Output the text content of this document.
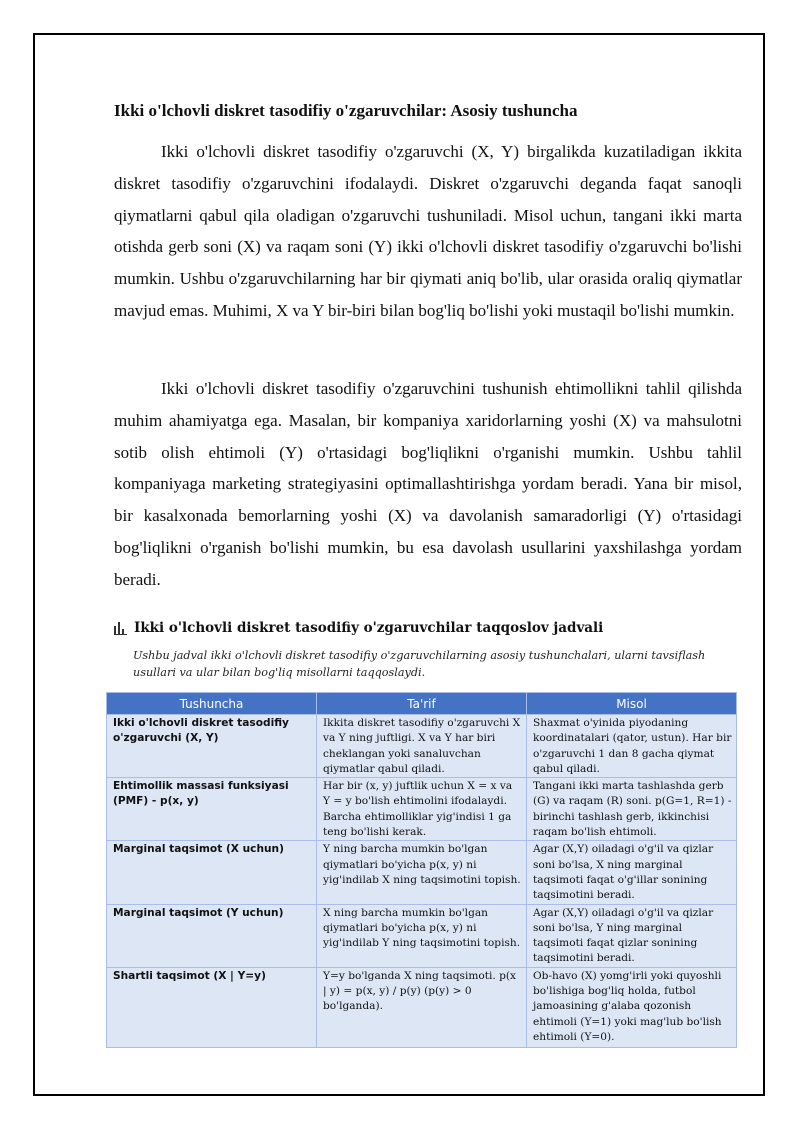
Ikki o'lchovli diskret tasodifiy o'zgaruvchilar: Asosiy tushuncha

Ikki o'lchovli diskret tasodifiy o'zgaruvchi (X, Y) birgalikda kuzatiladigan ikkita diskret tasodifiy o'zgaruvchini ifodalaydi. Diskret o'zgaruvchi deganda faqat sanoqli qiymatlarni qabul qila oladigan o'zgaruvchi tushuniladi. Misol uchun, tangani ikki marta otishda gerb soni (X) va raqam soni (Y) ikki o'lchovli diskret tasodifiy o'zgaruvchi bo'lishi mumkin. Ushbu o'zgaruvchilarning har bir qiymati aniq bo'lib, ular orasida oraliq qiymatlar mavjud emas. Muhimi, X va Y bir-biri bilan bog'liq bo'lishi yoki mustaqil bo'lishi mumkin.

Ikki o'lchovli diskret tasodifiy o'zgaruvchini tushunish ehtimollikni tahlil qilishda muhim ahamiyatga ega. Masalan, bir kompaniya xaridorlarning yoshi (X) va mahsulotni sotib olish ehtimoli (Y) o'rtasidagi bog'liqlikni o'rganishi mumkin. Ushbu tahlil kompaniyaga marketing strategiyasini optimallashtirishga yordam beradi. Yana bir misol, bir kasalxonada bemorlarning yoshi (X) va davolanish samaradorligi (Y) o'rtasidagi bog'liqlikni o'rganish bo'lishi mumkin, bu esa davolash usullarini yaxshilashga yordam beradi.

Ikki o'lchovli diskret tasodifiy o'zgaruvchilar taqqoslov jadvali

Ushbu jadval ikki o'lchovli diskret tasodifiy o'zgaruvchilarning asosiy tushunchalari, ularni tavsiflash usullari va ular bilan bog'liq misollarni taqqoslaydi.

Tushuncha	Ta'rif	Misol
Ikki o'lchovli diskret tasodifiy o'zgaruvchi (X, Y)	Ikkita diskret tasodifiy o'zgaruvchi X va Y ning juftligi. X va Y har biri cheklangan yoki sanaluvchan qiymatlar qabul qiladi.	Shaxmat o'yinida piyodaning koordinatalari (qator, ustun). Har bir o'zgaruvchi 1 dan 8 gacha qiymat qabul qiladi.
Ehtimollik massasi funksiyasi (PMF) - p(x, y)	Har bir (x, y) juftlik uchun X = x va Y = y bo'lish ehtimolini ifodalaydi. Barcha ehtimolliklar yig'indisi 1 ga teng bo'lishi kerak.	Tangani ikki marta tashlashda gerb (G) va raqam (R) soni. p(G=1, R=1) - birinchi tashlash gerb, ikkinchisi raqam bo'lish ehtimoli.
Marginal taqsimot (X uchun)	Y ning barcha mumkin bo'lgan qiymatlari bo'yicha p(x, y) ni yig'indilab X ning taqsimotini topish.	Agar (X,Y) oiladagi o'g'il va qizlar soni bo'lsa, X ning marginal taqsimoti faqat o'g'illar sonining taqsimotini beradi.
Marginal taqsimot (Y uchun)	X ning barcha mumkin bo'lgan qiymatlari bo'yicha p(x, y) ni yig'indilab Y ning taqsimotini topish.	Agar (X,Y) oiladagi o'g'il va qizlar soni bo'lsa, Y ning marginal taqsimoti faqat qizlar sonining taqsimotini beradi.
Shartli taqsimot (X | Y=y)	Y=y bo'lganda X ning taqsimoti. p(x | y) = p(x, y) / p(y) (p(y) > 0 bo'lganda).	Ob-havo (X) yomg'irli yoki quyoshli bo'lishiga bog'liq holda, futbol jamoasining g'alaba qozonish ehtimoli (Y=1) yoki mag'lub bo'lish ehtimoli (Y=0).
